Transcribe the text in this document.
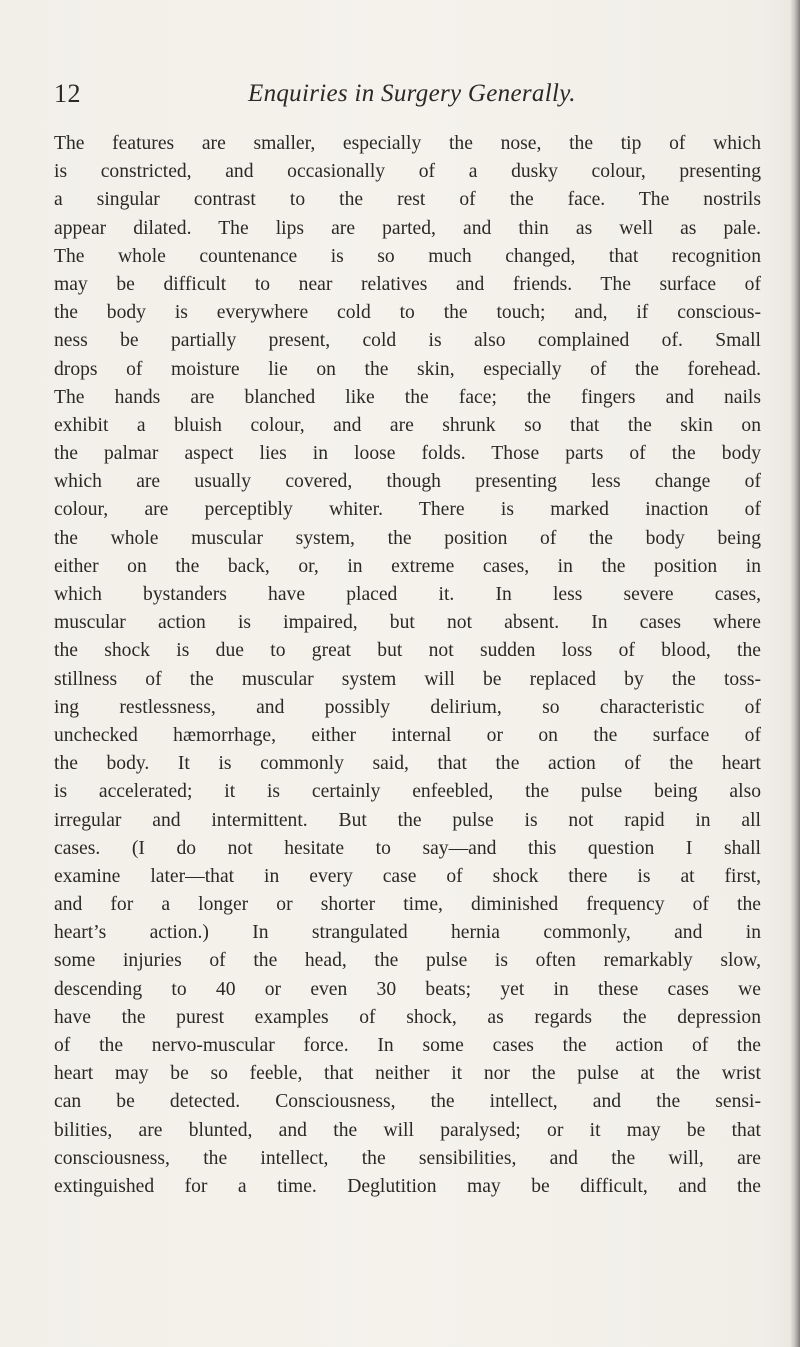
12	Enquiries in Surgery Generally.
The features are smaller, especially the nose, the tip of which
is constricted, and occasionally of a dusky colour, presenting
a singular contrast to the rest of the face. The nostrils
appear dilated. The lips are parted, and thin as well as pale.
The whole countenance is so much changed, that recognition
may be difficult to near relatives and friends. The surface of
the body is everywhere cold to the touch; and, if conscious-
ness be partially present, cold is also complained of. Small
drops of moisture lie on the skin, especially of the forehead.
The hands are blanched like the face; the fingers and nails
exhibit a bluish colour, and are shrunk so that the skin on
the palmar aspect lies in loose folds. Those parts of the body
which are usually covered, though presenting less change of
colour, are perceptibly whiter. There is marked inaction of
the whole muscular system, the position of the body being
either on the back, or, in extreme cases, in the position in
which bystanders have placed it. In less severe cases,
muscular action is impaired, but not absent. In cases where
the shock is due to great but not sudden loss of blood, the
stillness of the muscular system will be replaced by the toss-
ing restlessness, and possibly delirium, so characteristic of
unchecked hæmorrhage, either internal or on the surface of
the body. It is commonly said, that the action of the heart
is accelerated; it is certainly enfeebled, the pulse being also
irregular and intermittent. But the pulse is not rapid in all
cases. (I do not hesitate to say—and this question I shall
examine later—that in every case of shock there is at first,
and for a longer or shorter time, diminished frequency of the
heart’s action.) In strangulated hernia commonly, and in
some injuries of the head, the pulse is often remarkably slow,
descending to 40 or even 30 beats; yet in these cases we
have the purest examples of shock, as regards the depression
of the nervo-muscular force. In some cases the action of the
heart may be so feeble, that neither it nor the pulse at the wrist
can be detected. Consciousness, the intellect, and the sensi-
bilities, are blunted, and the will paralysed; or it may be that
consciousness, the intellect, the sensibilities, and the will, are
extinguished for a time. Deglutition may be difficult, and the
